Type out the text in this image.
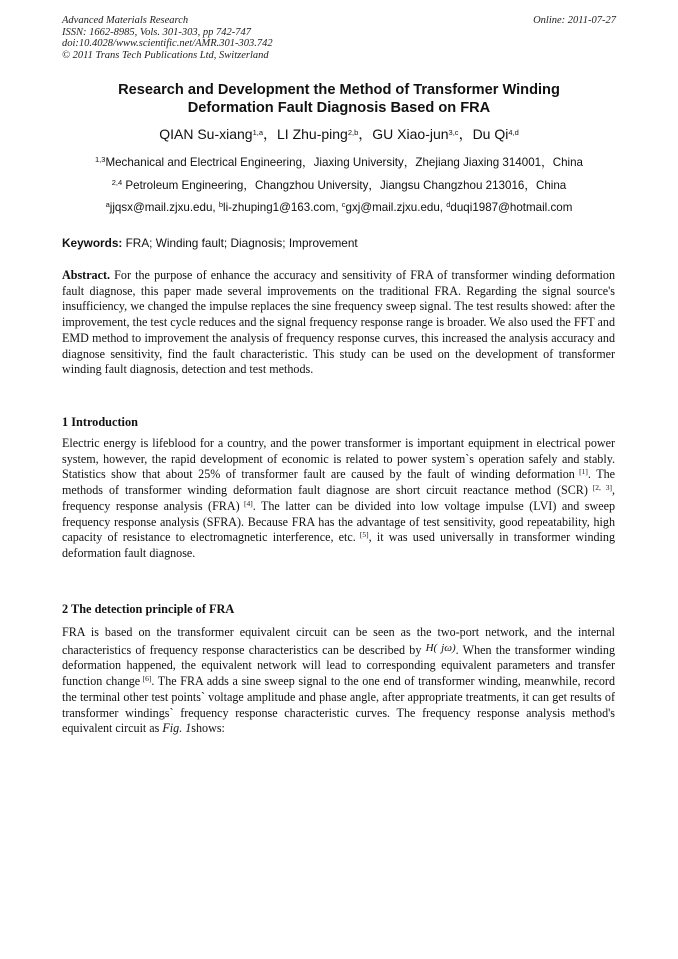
Advanced Materials Research
ISSN: 1662-8985, Vols. 301-303, pp 742-747
doi:10.4028/www.scientific.net/AMR.301-303.742
© 2011 Trans Tech Publications Ltd, Switzerland
Online: 2011-07-27
Research and Development the Method of Transformer Winding
Deformation Fault Diagnosis Based on FRA
QIAN Su-xiang$^{1,a}$，LI Zhu-ping$^{2,b}$，GU Xiao-jun$^{3,c}$，Du Qi$^{4,d}$
$^{1,3}$Mechanical and Electrical Engineering，Jiaxing University，Zhejiang Jiaxing 314001，China
$^{2,4}$ Petroleum Engineering，Changzhou University，Jiangsu Changzhou 213016，China
$^a$jjqsx@mail.zjxu.edu, $^b$li-zhuping1@163.com, $^c$gxj@mail.zjxu.edu, $^d$duqi1987@hotmail.com
Keywords: FRA; Winding fault; Diagnosis; Improvement
Abstract. For the purpose of enhance the accuracy and sensitivity of FRA of transformer winding deformation fault diagnose, this paper made several improvements on the traditional FRA. Regarding the signal source's insufficiency, we changed the impulse replaces the sine frequency sweep signal. The test results showed: after the improvement, the test cycle reduces and the signal frequency response range is broader. We also used the FFT and EMD method to improvement the analysis of frequency response curves, this increased the analysis accuracy and diagnose sensitivity, find the fault characteristic. This study can be used on the development of transformer winding fault diagnosis, detection and test methods.
1 Introduction
Electric energy is lifeblood for a country, and the power transformer is important equipment in electrical power system, however, the rapid development of economic is related to power system`s operation safely and stably. Statistics show that about 25% of transformer fault are caused by the fault of winding deformation [1]. The methods of transformer winding deformation fault diagnose are short circuit reactance method (SCR) [2, 3], frequency response analysis (FRA) [4]. The latter can be divided into low voltage impulse (LVI) and sweep frequency response analysis (SFRA). Because FRA has the advantage of test sensitivity, good repeatability, high capacity of resistance to electromagnetic interference, etc. [5], it was used universally in transformer winding deformation fault diagnose.
2 The detection principle of FRA
FRA is based on the transformer equivalent circuit can be seen as the two-port network, and the internal characteristics of frequency response characteristics can be described by H( jω). When the transformer winding deformation happened, the equivalent network will lead to corresponding equivalent parameters and transfer function change [6]. The FRA adds a sine sweep signal to the one end of transformer winding, meanwhile, record the terminal other test points` voltage amplitude and phase angle, after appropriate treatments, it can get results of transformer windings` frequency response characteristic curves. The frequency response analysis method's equivalent circuit as Fig. 1shows:
